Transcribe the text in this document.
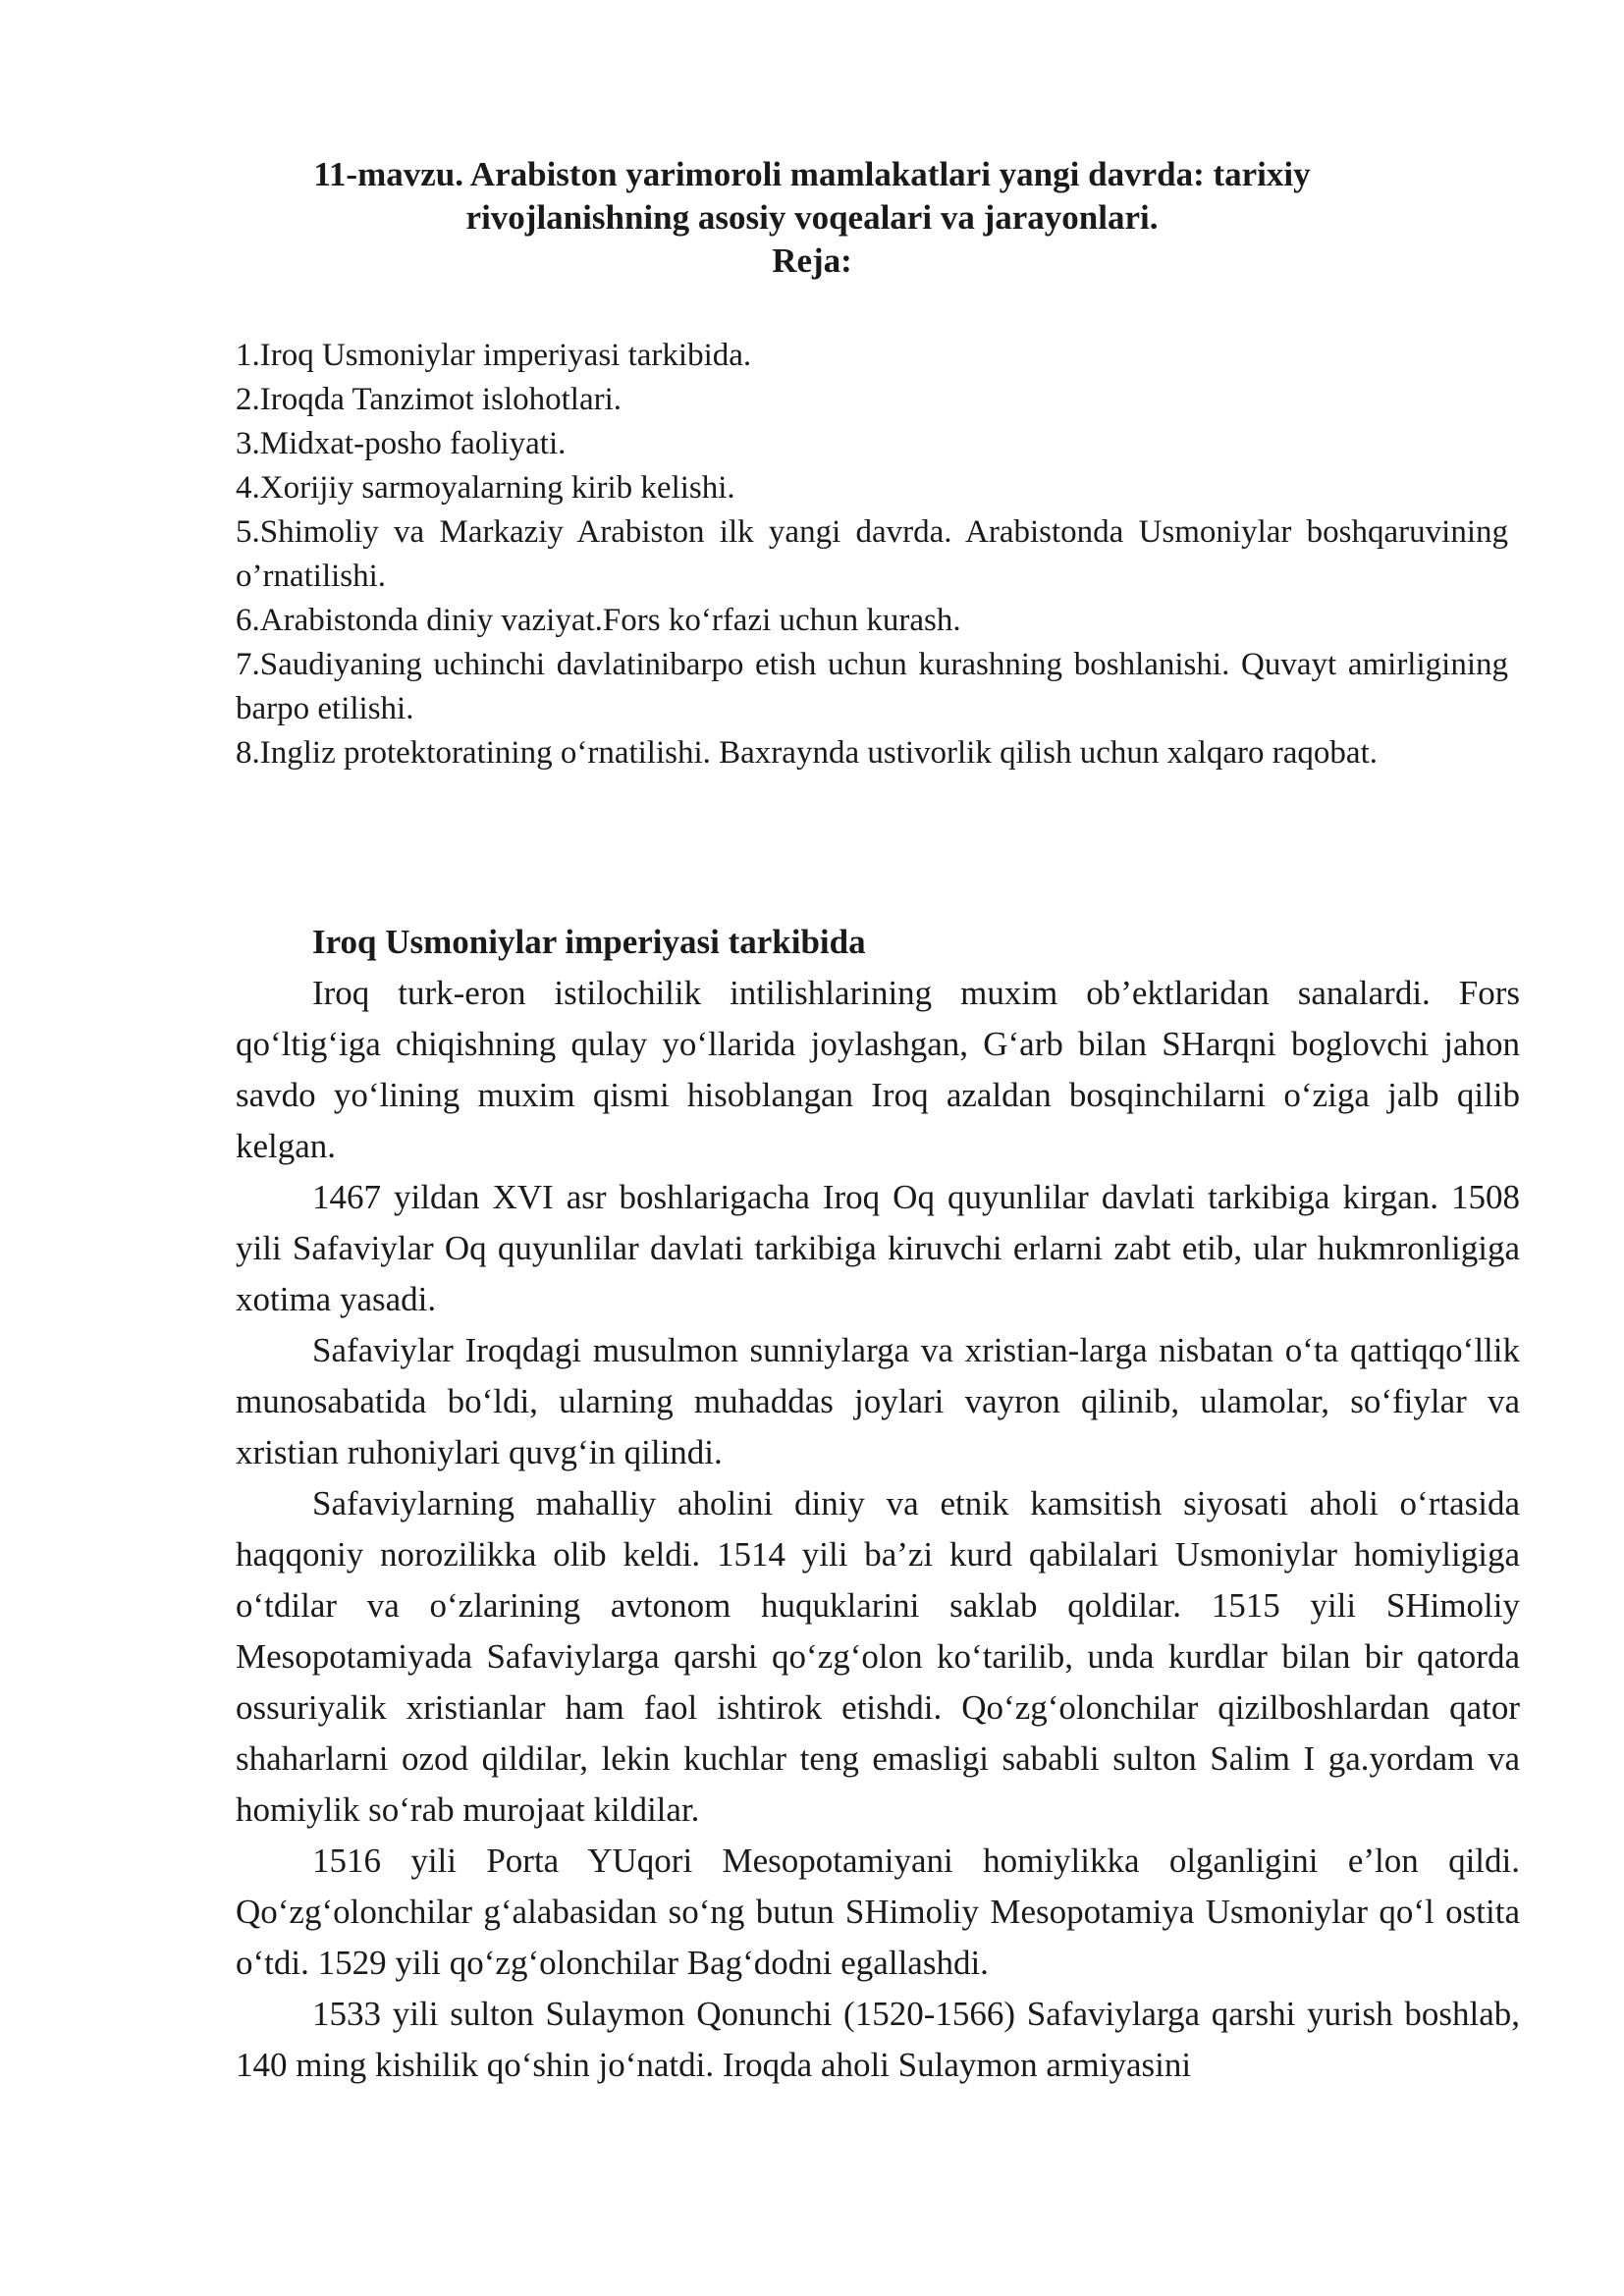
11-mavzu. Arabiston yarimoroli mamlakatlari yangi davrda: tarixiy
rivojlanishning asosiy voqealari va jarayonlari.
Reja:
1.Iroq Usmoniylar imperiyasi tarkibida.
2.Iroqda Tanzimot islohotlari.
3.Midxat-posho faoliyati.
4.Xorijiy sarmoyalarning kirib kelishi.
5.Shimoliy va Markaziy Arabiston ilk yangi davrda. Arabistonda Usmoniylar boshqaruvining o’rnatilishi.
6.Arabistonda diniy vaziyat.Fors ko‘rfazi uchun kurash.
7.Saudiyaning uchinchi davlatinibarpo etish uchun kurashning boshlanishi. Quvayt amirligining barpo etilishi.
8.Ingliz protektoratining o‘rnatilishi. Baxraynda ustivorlik qilish uchun xalqaro raqobat.
Iroq Usmoniylar imperiyasi tarkibida

Iroq turk-eron istilochilik intilishlarining muxim ob’ektlaridan sanalardi. Fors qo‘ltig‘iga chiqishning qulay yo‘llarida joylashgan, G‘arb bilan SHarqni boglovchi jahon savdo yo‘lining muxim qismi hisoblangan Iroq azaldan bosqinchilarni o‘ziga jalb qilib kelgan.

1467 yildan XVI asr boshlarigacha Iroq Oq quyunlilar davlati tarkibiga kirgan. 1508 yili Safaviylar Oq quyunlilar davlati tarkibiga kiruvchi erlarni zabt etib, ular hukmronligiga xotima yasadi.

Safaviylar Iroqdagi musulmon sunniylarga va xristian-larga nisbatan o‘ta qattiqqo‘llik munosabatida bo‘ldi, ularning muhaddas joylari vayron qilinib, ulamolar, so‘fiylar va xristian ruhoniylari quvg‘in qilindi.

Safaviylarning mahalliy aholini diniy va etnik kamsitish siyosati aholi o‘rtasida haqqoniy norozilikka olib keldi. 1514 yili ba’zi kurd qabilalari Usmoniylar homiyligiga o‘tdilar va o‘zlarining avtonom huquklarini saklab qoldilar. 1515 yili SHimoliy Mesopotamiyada Safaviylarga qarshi qo‘zg‘olon ko‘tarilib, unda kurdlar bilan bir qatorda ossuriyalik xristianlar ham faol ishtirok etishdi. Qo‘zg‘olonchilar qizilboshlardan qator shaharlarni ozod qildilar, lekin kuchlar teng emasligi sababli sulton Salim I ga.yordam va homiylik so‘rab murojaat kildilar.

1516 yili Porta YUqori Mesopotamiyani homiylikka olganligini e’lon qildi. Qo‘zg‘olonchilar g‘alabasidan so‘ng butun SHimoliy Mesopotamiya Usmoniylar qo‘l ostita o‘tdi. 1529 yili qo‘zg‘olonchilar Bag‘dodni egallashdi.

1533 yili sulton Sulaymon Qonunchi (1520-1566) Safaviylarga qarshi yurish boshlab, 140 ming kishilik qo‘shin jo‘natdi. Iroqda aholi Sulaymon armiyasini
